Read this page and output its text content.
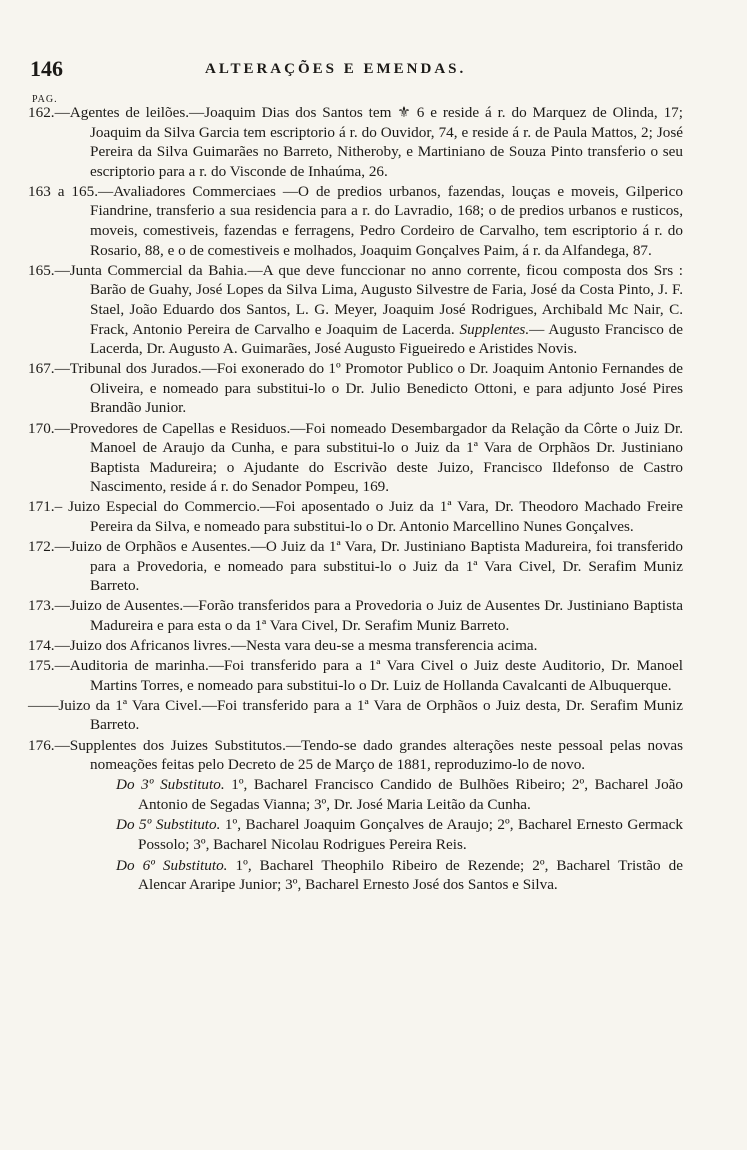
146	ALTERAÇÕES E EMENDAS.
PAG.

162.—Agentes de leilões.—Joaquim Dias dos Santos tem ⚜ 6 e reside á r. do Marquez de Olinda, 17; Joaquim da Silva Garcia tem escriptorio á r. do Ouvidor, 74, e reside á r. de Paula Mattos, 2; José Pereira da Silva Guimarães no Barreto, Nitheroby, e Martiniano de Souza Pinto transferio o seu escriptorio para a r. do Visconde de Inhaúma, 26.

163 a 165.—Avaliadores Commerciaes —O de predios urbanos, fazendas, louças e moveis, Gilperico Fiandrine, transferio a sua residencia para a r. do Lavradio, 168; o de predios urbanos e rusticos, moveis, comestiveis, fazendas e ferragens, Pedro Cordeiro de Carvalho, tem escriptorio á r. do Rosario, 88, e o de comestiveis e molhados, Joaquim Gonçalves Paim, á r. da Alfandega, 87.

165.—Junta Commercial da Bahia.—A que deve funccionar no anno corrente, ficou composta dos Srs : Barão de Guahy, José Lopes da Silva Lima, Augusto Silvestre de Faria, José da Costa Pinto, J. F. Stael, João Eduardo dos Santos, L. G. Meyer, Joaquim José Rodrigues, Archibald Mc Nair, C. Frack, Antonio Pereira de Carvalho e Joaquim de Lacerda. Supplentes.— Augusto Francisco de Lacerda, Dr. Augusto A. Guimarães, José Augusto Figueiredo e Aristides Novis.

167.—Tribunal dos Jurados.—Foi exonerado do 1º Promotor Publico o Dr. Joaquim Antonio Fernandes de Oliveira, e nomeado para substitui-lo o Dr. Julio Benedicto Ottoni, e para adjunto José Pires Brandão Junior.

170.—Provedores de Capellas e Residuos.—Foi nomeado Desembargador da Relação da Côrte o Juiz Dr. Manoel de Araujo da Cunha, e para substitui-lo o Juiz da 1ª Vara de Orphãos Dr. Justiniano Baptista Madureira; o Ajudante do Escrivão deste Juizo, Francisco Ildefonso de Castro Nascimento, reside á r. do Senador Pompeu, 169.

171.– Juizo Especial do Commercio.—Foi aposentado o Juiz da 1ª Vara, Dr. Theodoro Machado Freire Pereira da Silva, e nomeado para substitui-lo o Dr. Antonio Marcellino Nunes Gonçalves.

172.—Juizo de Orphãos e Ausentes.—O Juiz da 1ª Vara, Dr. Justiniano Baptista Madureira, foi transferido para a Provedoria, e nomeado para substitui-lo o Juiz da 1ª Vara Civel, Dr. Serafim Muniz Barreto.

173.—Juizo de Ausentes.—Forão transferidos para a Provedoria o Juiz de Ausentes Dr. Justiniano Baptista Madureira e para esta o da 1ª Vara Civel, Dr. Serafim Muniz Barreto.

174.—Juizo dos Africanos livres.—Nesta vara deu-se a mesma transferencia acima.

175.—Auditoria de marinha.—Foi transferido para a 1ª Vara Civel o Juiz deste Auditorio, Dr. Manoel Martins Torres, e nomeado para substitui-lo o Dr. Luiz de Hollanda Cavalcanti de Albuquerque.

——Juizo da 1ª Vara Civel.—Foi transferido para a 1ª Vara de Orphãos o Juiz desta, Dr. Serafim Muniz Barreto.

176.—Supplentes dos Juizes Substitutos.—Tendo-se dado grandes alterações neste pessoal pelas novas nomeações feitas pelo Decreto de 25 de Março de 1881, reproduzimo-lo de novo.

Do 3º Substituto. 1º, Bacharel Francisco Candido de Bulhões Ribeiro; 2º, Bacharel João Antonio de Segadas Vianna; 3º, Dr. José Maria Leitão da Cunha.

Do 5º Substituto. 1º, Bacharel Joaquim Gonçalves de Araujo; 2º, Bacharel Ernesto Germack Possolo; 3º, Bacharel Nicolau Rodrigues Pereira Reis.

Do 6º Substituto. 1º, Bacharel Theophilo Ribeiro de Rezende; 2º, Bacharel Tristão de Alencar Araripe Junior; 3º, Bacharel Ernesto José dos Santos e Silva.
